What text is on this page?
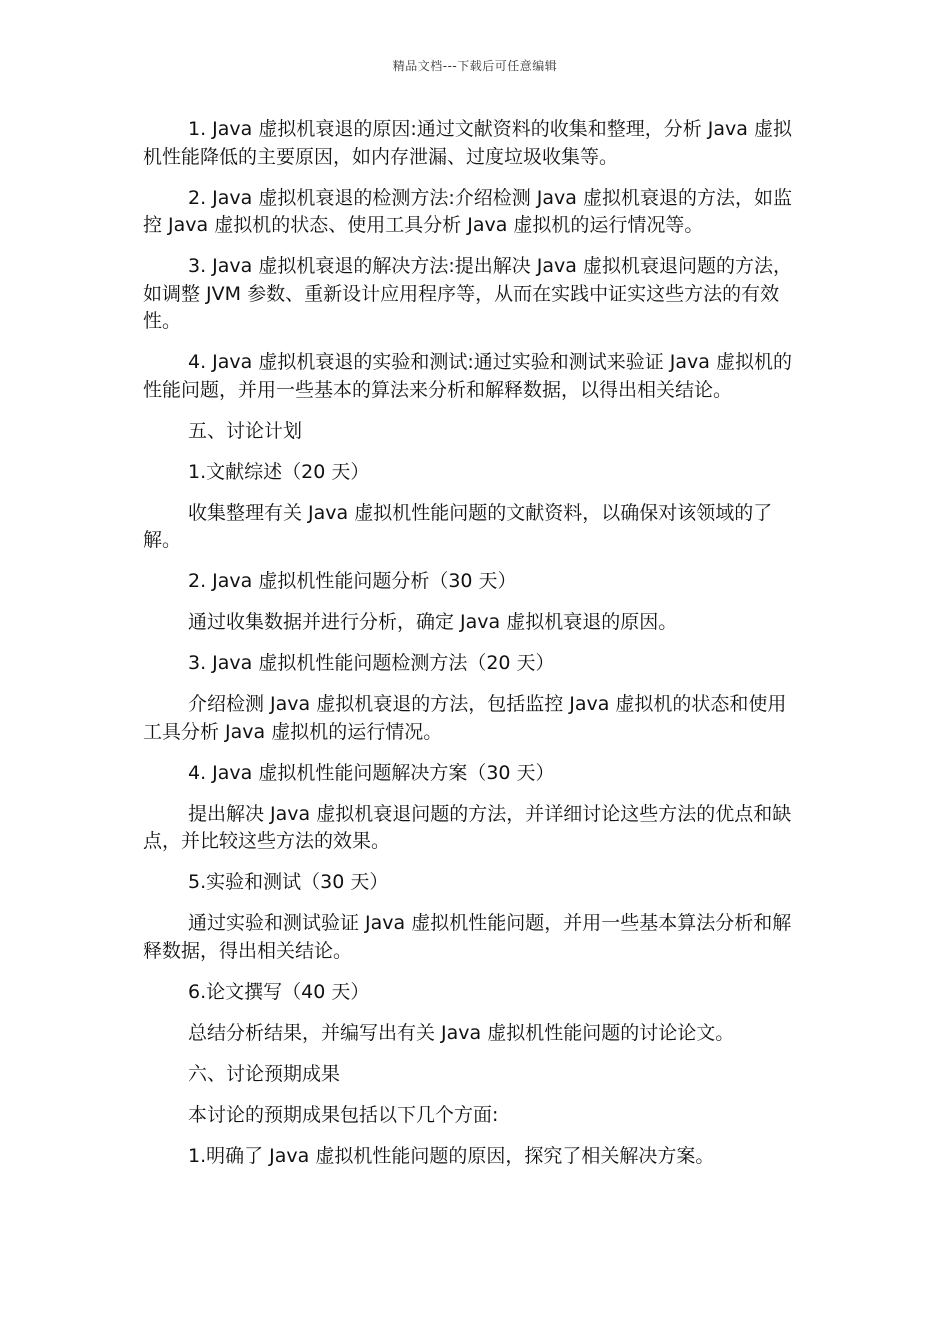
精品文档---下载后可任意编辑

1. Java 虚拟机衰退的原因:通过文献资料的收集和整理，分析 Java 虚拟机性能降低的主要原因，如内存泄漏、过度垃圾收集等。

2. Java 虚拟机衰退的检测方法:介绍检测 Java 虚拟机衰退的方法，如监控 Java 虚拟机的状态、使用工具分析 Java 虚拟机的运行情况等。

3. Java 虚拟机衰退的解决方法:提出解决 Java 虚拟机衰退问题的方法，如调整 JVM 参数、重新设计应用程序等，从而在实践中证实这些方法的有效性。

4. Java 虚拟机衰退的实验和测试:通过实验和测试来验证 Java 虚拟机的性能问题，并用一些基本的算法来分析和解释数据，以得出相关结论。

五、讨论计划

1.文献综述（20 天）

收集整理有关 Java 虚拟机性能问题的文献资料，以确保对该领域的了解。

2. Java 虚拟机性能问题分析（30 天）

通过收集数据并进行分析，确定 Java 虚拟机衰退的原因。

3. Java 虚拟机性能问题检测方法（20 天）

介绍检测 Java 虚拟机衰退的方法，包括监控 Java 虚拟机的状态和使用工具分析 Java 虚拟机的运行情况。

4. Java 虚拟机性能问题解决方案（30 天）

提出解决 Java 虚拟机衰退问题的方法，并详细讨论这些方法的优点和缺点，并比较这些方法的效果。

5.实验和测试（30 天）

通过实验和测试验证 Java 虚拟机性能问题，并用一些基本算法分析和解释数据，得出相关结论。

6.论文撰写（40 天）

总结分析结果，并编写出有关 Java 虚拟机性能问题的讨论论文。

六、讨论预期成果

本讨论的预期成果包括以下几个方面:

1.明确了 Java 虚拟机性能问题的原因，探究了相关解决方案。
